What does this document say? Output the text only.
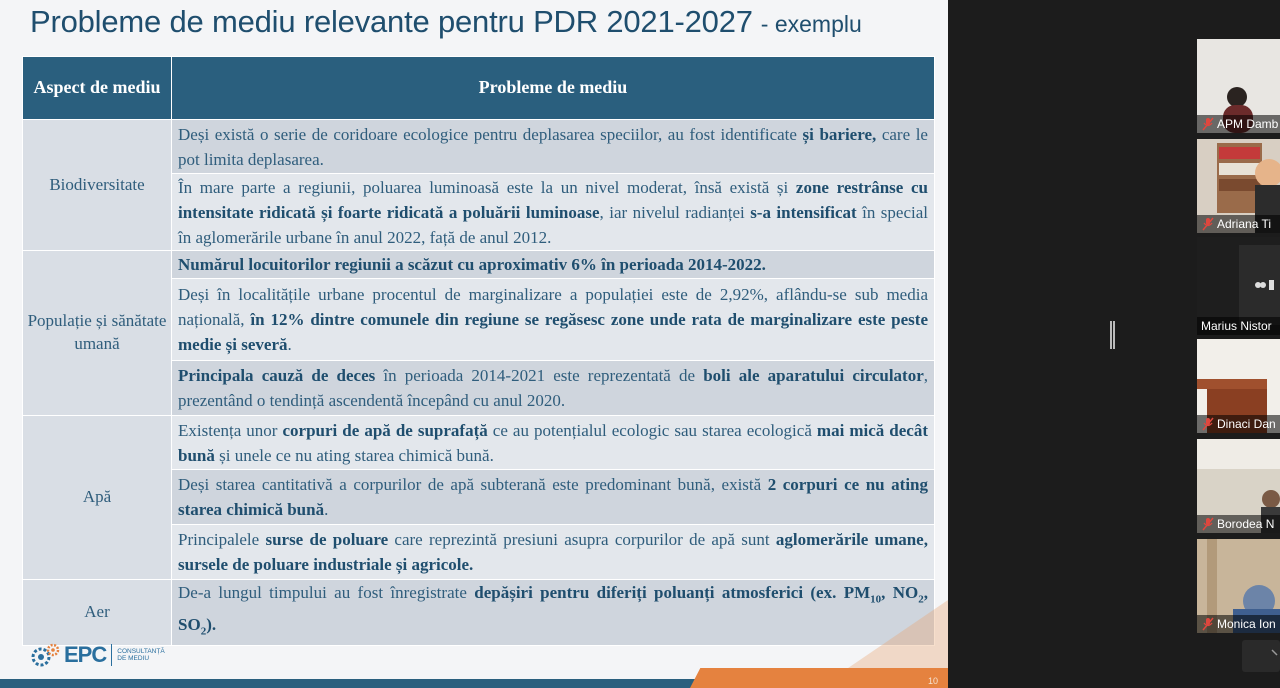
Probleme de mediu relevante pentru PDR 2021-2027 - exemplu
Aspect de mediu	Probleme de mediu
Biodiversitate	Deși există o serie de coridoare ecologice pentru deplasarea speciilor, au fost identificate și bariere, care le pot limita deplasarea.
	În mare parte a regiunii, poluarea luminoasă este la un nivel moderat, însă există și zone restrânse cu intensitate ridicată și foarte ridicată a poluării luminoase, iar nivelul radianței s-a intensificat în special în aglomerările urbane în anul 2022, față de anul 2012.
Populație și sănătate umană	Numărul locuitorilor regiunii a scăzut cu aproximativ 6% în perioada 2014-2022.
	Deși în localitățile urbane procentul de marginalizare a populației este de 2,92%, aflându-se sub media națională, în 12% dintre comunele din regiune se regăsesc zone unde rata de marginalizare este peste medie și severă.
	Principala cauză de deces în perioada 2014-2021 este reprezentată de boli ale aparatului circulator, prezentând o tendință ascendentă începând cu anul 2020.
Apă	Existența unor corpuri de apă de suprafață ce au potențialul ecologic sau starea ecologică mai mică decât bună și unele ce nu ating starea chimică bună.
	Deși starea cantitativă a corpurilor de apă subterană este predominant bună, există 2 corpuri ce nu ating starea chimică bună.
	Principalele surse de poluare care reprezintă presiuni asupra corpurilor de apă sunt aglomerările umane, sursele de poluare industriale și agricole.
Aer	De-a lungul timpului au fost înregistrate depășiri pentru diferiți poluanți atmosferici (ex. $PM_{10}$, $NO_2$, $SO_2$).
EPC CONSULTANȚĂ
DE MEDIU
10
APM Damb
Adriana Ti
Marius Nistor
Dinaci Dan
Borodea N
Monica Ion
